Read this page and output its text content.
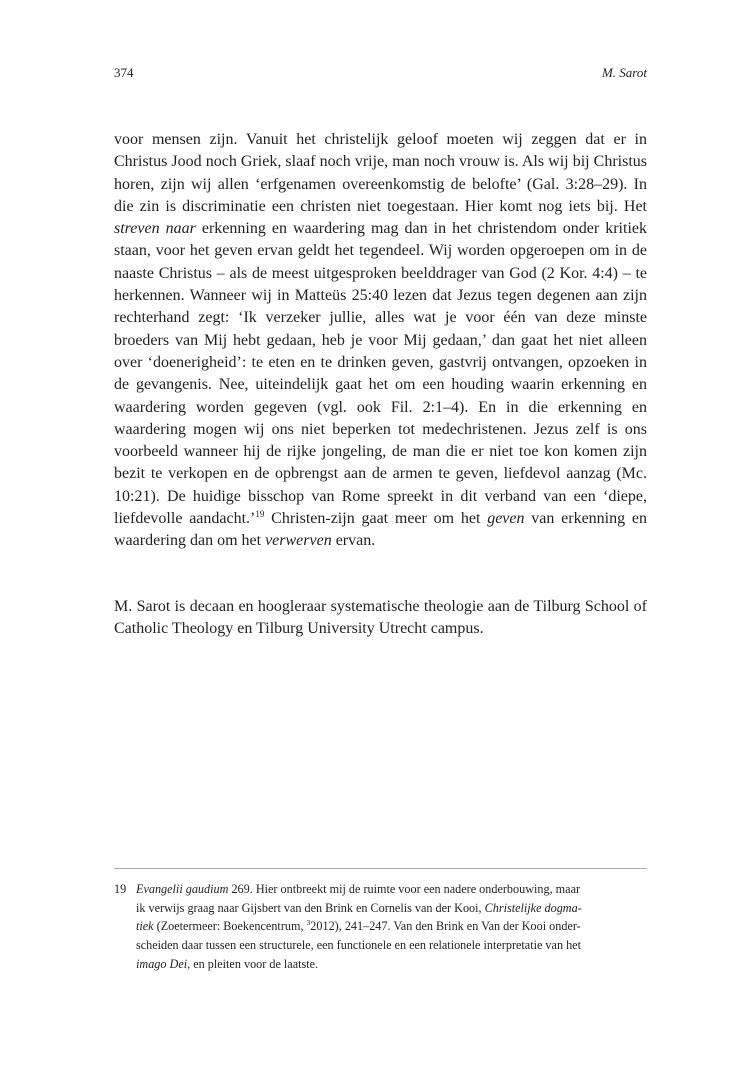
374	M. Sarot
voor mensen zijn. Vanuit het christelijk geloof moeten wij zeggen dat er in Christus Jood noch Griek, slaaf noch vrije, man noch vrouw is. Als wij bij Christus horen, zijn wij allen ‘erfgenamen overeenkomstig de belofte’ (Gal. 3:28–29). In die zin is discriminatie een christen niet toegestaan. Hier komt nog iets bij. Het streven naar erkenning en waardering mag dan in het christendom onder kritiek staan, voor het geven ervan geldt het tegendeel. Wij worden opgeroepen om in de naaste Christus – als de meest uitgesproken beelddrager van God (2 Kor. 4:4) – te herkennen. Wanneer wij in Matteüs 25:40 lezen dat Jezus tegen degenen aan zijn rechterhand zegt: ‘Ik verzeker jullie, alles wat je voor één van deze minste broeders van Mij hebt gedaan, heb je voor Mij gedaan,’ dan gaat het niet alleen over ‘doenerigheid’: te eten en te drinken geven, gastvrij ontvangen, opzoeken in de gevangenis. Nee, uiteindelijk gaat het om een houding waarin erkenning en waardering worden gegeven (vgl. ook Fil. 2:1–4). En in die erkenning en waardering mogen wij ons niet beperken tot medechristenen. Jezus zelf is ons voorbeeld wanneer hij de rijke jongeling, de man die er niet toe kon komen zijn bezit te verkopen en de opbrengst aan de armen te geven, liefdevol aanzag (Mc. 10:21). De huidige bisschop van Rome spreekt in dit verband van een ‘diepe, liefdevolle aandacht.’$^{19}$ Christen-zijn gaat meer om het geven van erkenning en waardering dan om het verwerven ervan.
M. Sarot is decaan en hoogleraar systematische theologie aan de Tilburg School of Catholic Theology en Tilburg University Utrecht campus.
19 Evangelii gaudium 269. Hier ontbreekt mij de ruimte voor een nadere onderbouwing, maar
ik verwijs graag naar Gijsbert van den Brink en Cornelis van der Kooi, Christelijke dogma-
tiek (Zoetermeer: Boekencentrum, $^3$2012), 241–247. Van den Brink en Van der Kooi onder-
scheiden daar tussen een structurele, een functionele en een relationele interpretatie van het
imago Dei, en pleiten voor de laatste.
